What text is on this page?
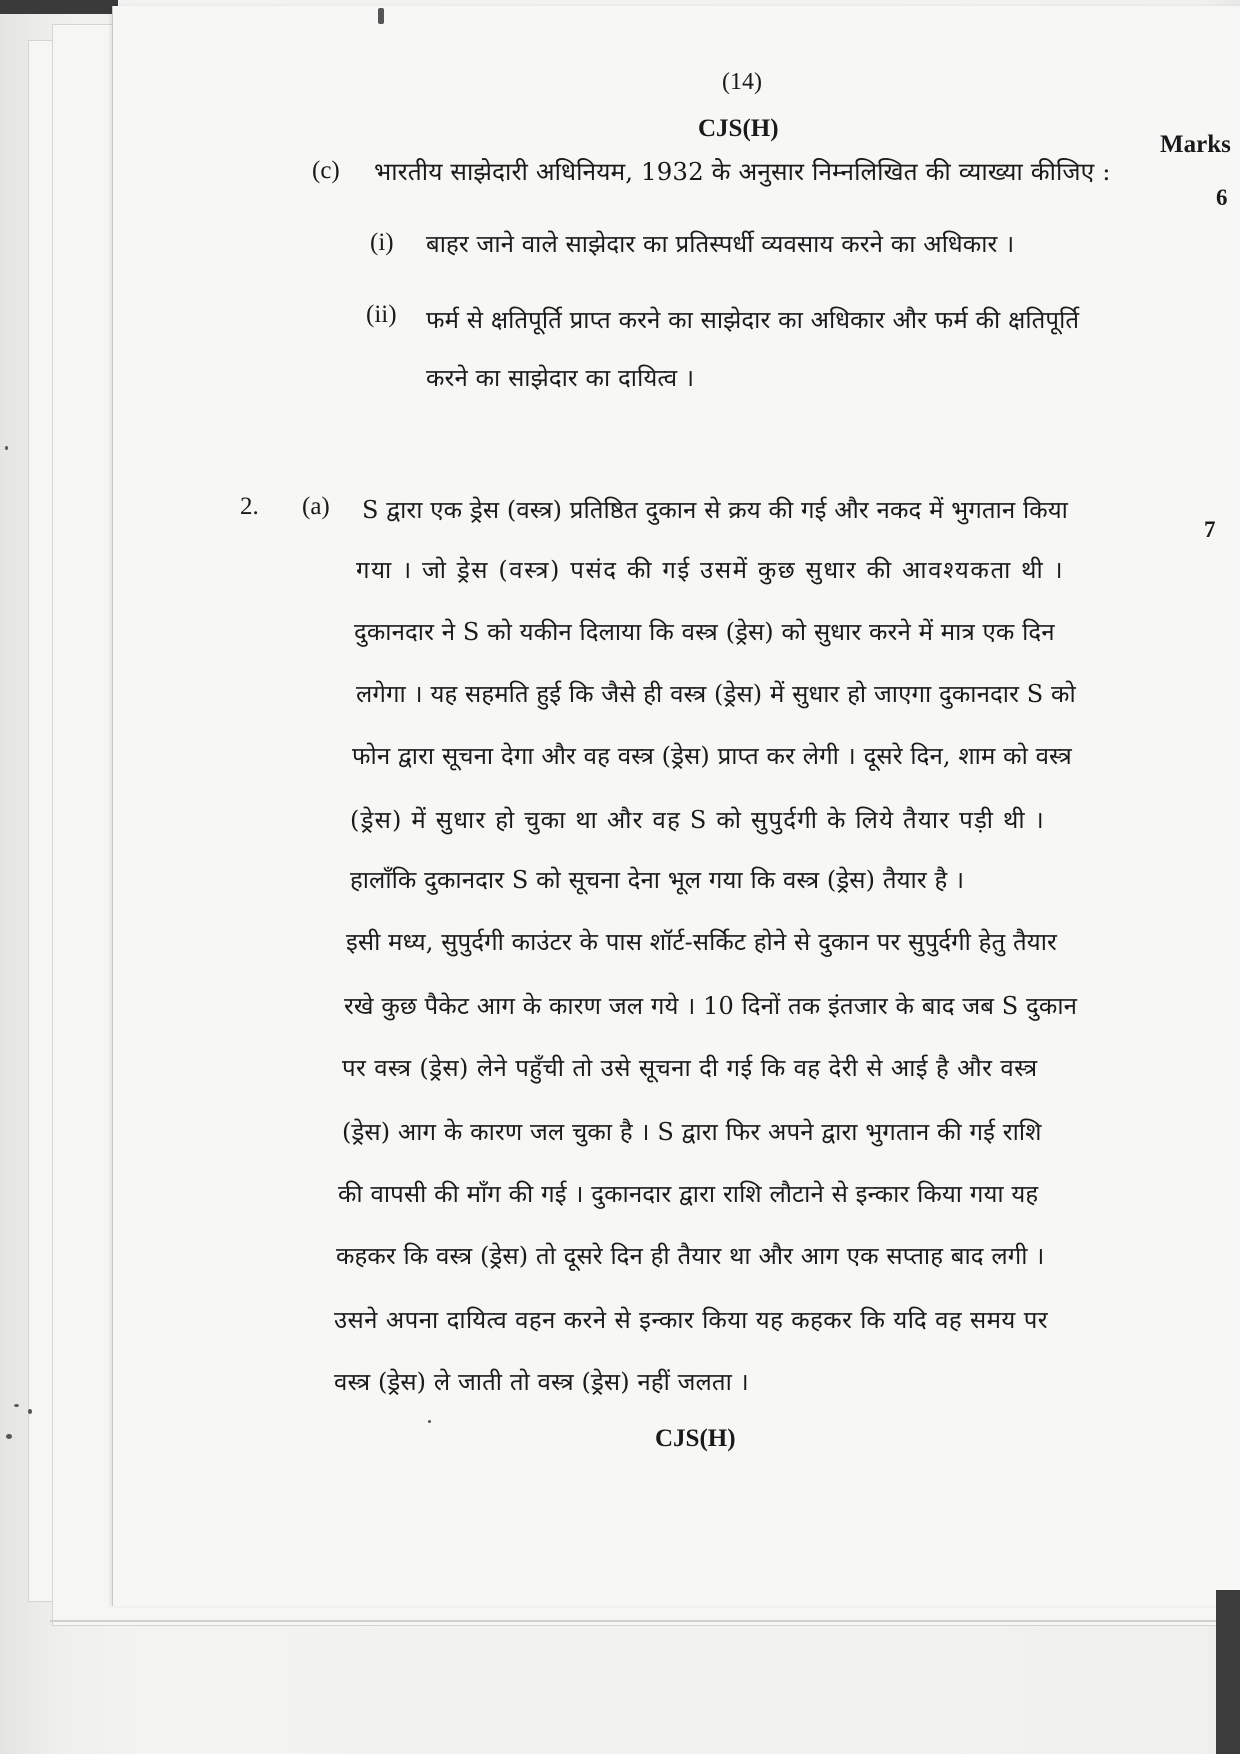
(14)
CJS(H)
Marks
(c) भारतीय साझेदारी अधिनियम, 1932 के अनुसार निम्नलिखित की व्याख्या कीजिए :
6
(i) बाहर जाने वाले साझेदार का प्रतिस्पर्धी व्यवसाय करने का अधिकार ।
(ii) फर्म से क्षतिपूर्ति प्राप्त करने का साझेदार का अधिकार और फर्म की क्षतिपूर्ति
करने का साझेदार का दायित्व ।
2. (a)
7
S द्वारा एक ड्रेस (वस्त्र) प्रतिष्ठित दुकान से क्रय की गई और नकद में भुगतान किया
गया । जो ड्रेस (वस्त्र) पसंद की गई उसमें कुछ सुधार की आवश्यकता थी ।
दुकानदार ने S को यकीन दिलाया कि वस्त्र (ड्रेस) को सुधार करने में मात्र एक दिन
लगेगा । यह सहमति हुई कि जैसे ही वस्त्र (ड्रेस) में सुधार हो जाएगा दुकानदार S को
फोन द्वारा सूचना देगा और वह वस्त्र (ड्रेस) प्राप्त कर लेगी । दूसरे दिन, शाम को वस्त्र
(ड्रेस) में सुधार हो चुका था और वह S को सुपुर्दगी के लिये तैयार पड़ी थी ।
हालाँकि दुकानदार S को सूचना देना भूल गया कि वस्त्र (ड्रेस) तैयार है ।
इसी मध्य, सुपुर्दगी काउंटर के पास शॉर्ट-सर्किट होने से दुकान पर सुपुर्दगी हेतु तैयार
रखे कुछ पैकेट आग के कारण जल गये । 10 दिनों तक इंतजार के बाद जब S दुकान
पर वस्त्र (ड्रेस) लेने पहुँची तो उसे सूचना दी गई कि वह देरी से आई है और वस्त्र
(ड्रेस) आग के कारण जल चुका है । S द्वारा फिर अपने द्वारा भुगतान की गई राशि
की वापसी की माँग की गई । दुकानदार द्वारा राशि लौटाने से इन्कार किया गया यह
कहकर कि वस्त्र (ड्रेस) तो दूसरे दिन ही तैयार था और आग एक सप्ताह बाद लगी ।
उसने अपना दायित्व वहन करने से इन्कार किया यह कहकर कि यदि वह समय पर
वस्त्र (ड्रेस) ले जाती तो वस्त्र (ड्रेस) नहीं जलता ।
CJS(H)
